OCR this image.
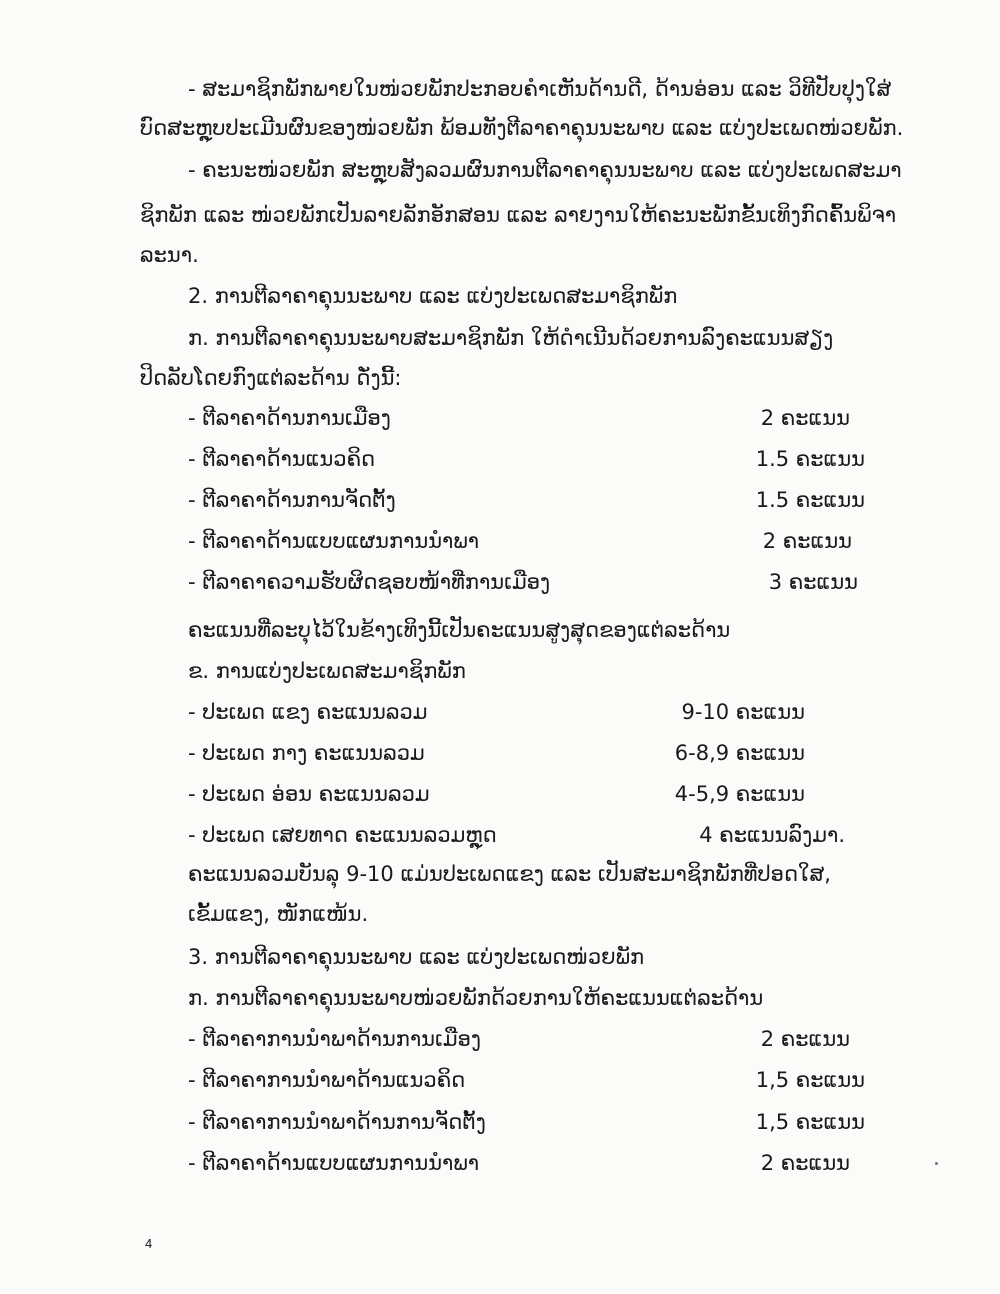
- ສະມາຊິກພັກພາຍໃນໜ່ວຍພັກປະກອບຄຳເຫັນດ້ານດີ, ດ້ານອ່ອນ ແລະ ວິທີປັບປຸງໃສ່
ບົດສະຫຼຸບປະເມີນຜົນຂອງໜ່ວຍພັກ ພ້ອມທັງຕີລາຄາຄຸນນະພາບ ແລະ ແບ່ງປະເພດໜ່ວຍພັກ.
- ຄະນະໜ່ວຍພັກ ສະຫຼຸບສັງລວມຜົນການຕີລາຄາຄຸນນະພາບ ແລະ ແບ່ງປະເພດສະມາ
ຊິກພັກ ແລະ ໜ່ວຍພັກເປັນລາຍລັກອັກສອນ ແລະ ລາຍງານໃຫ້ຄະນະພັກຂັ້ນເທິງກົດຄົ້ນພິຈາ
ລະນາ.
2. ການຕີລາຄາຄຸນນະພາບ ແລະ ແບ່ງປະເພດສະມາຊິກພັກ
ກ. ການຕີລາຄາຄຸນນະພາບສະມາຊິກພັກ ໃຫ້ດຳເນີນດ້ວຍການລົງຄະແນນສຽງ
ປິດລັບໂດຍກົງແຕ່ລະດ້ານ ດັ່ງນີ້:
- ຕີລາຄາດ້ານການເມືອງ	2 ຄະແນນ
- ຕີລາຄາດ້ານແນວຄິດ	1.5 ຄະແນນ
- ຕີລາຄາດ້ານການຈັດຕັ້ງ	1.5 ຄະແນນ
- ຕີລາຄາດ້ານແບບແຜນການນຳພາ	2 ຄະແນນ
- ຕີລາຄາຄວາມຮັບຜິດຊອບໜ້າທີ່ການເມືອງ	3 ຄະແນນ
ຄະແນນທີ່ລະບຸໄວ້ໃນຂ້າງເທິງນີ້ເປັນຄະແນນສູງສຸດຂອງແຕ່ລະດ້ານ
ຂ. ການແບ່ງປະເພດສະມາຊິກພັກ
- ປະເພດ ແຂງ ຄະແນນລວມ	9-10 ຄະແນນ
- ປະເພດ ກາງ ຄະແນນລວມ	6-8,9 ຄະແນນ
- ປະເພດ ອ່ອນ ຄະແນນລວມ	4-5,9 ຄະແນນ
- ປະເພດ ເສຍທາດ ຄະແນນລວມຫຼຸດ	4 ຄະແນນລົງມາ.
ຄະແນນລວມບັນລຸ 9-10 ແມ່ນປະເພດແຂງ ແລະ ເປັນສະມາຊິກພັກທີ່ປອດໃສ,
ເຂັ້ມແຂງ, ໜັກແໜ້ນ.
3. ການຕີລາຄາຄຸນນະພາບ ແລະ ແບ່ງປະເພດໜ່ວຍພັກ
ກ. ການຕີລາຄາຄຸນນະພາບໜ່ວຍພັກດ້ວຍການໃຫ້ຄະແນນແຕ່ລະດ້ານ
- ຕີລາຄາການນຳພາດ້ານການເມືອງ	2 ຄະແນນ
- ຕີລາຄາການນຳພາດ້ານແນວຄິດ	1,5 ຄະແນນ
- ຕີລາຄາການນຳພາດ້ານການຈັດຕັ້ງ	1,5 ຄະແນນ
- ຕີລາຄາດ້ານແບບແຜນການນຳພາ	2 ຄະແນນ
4
